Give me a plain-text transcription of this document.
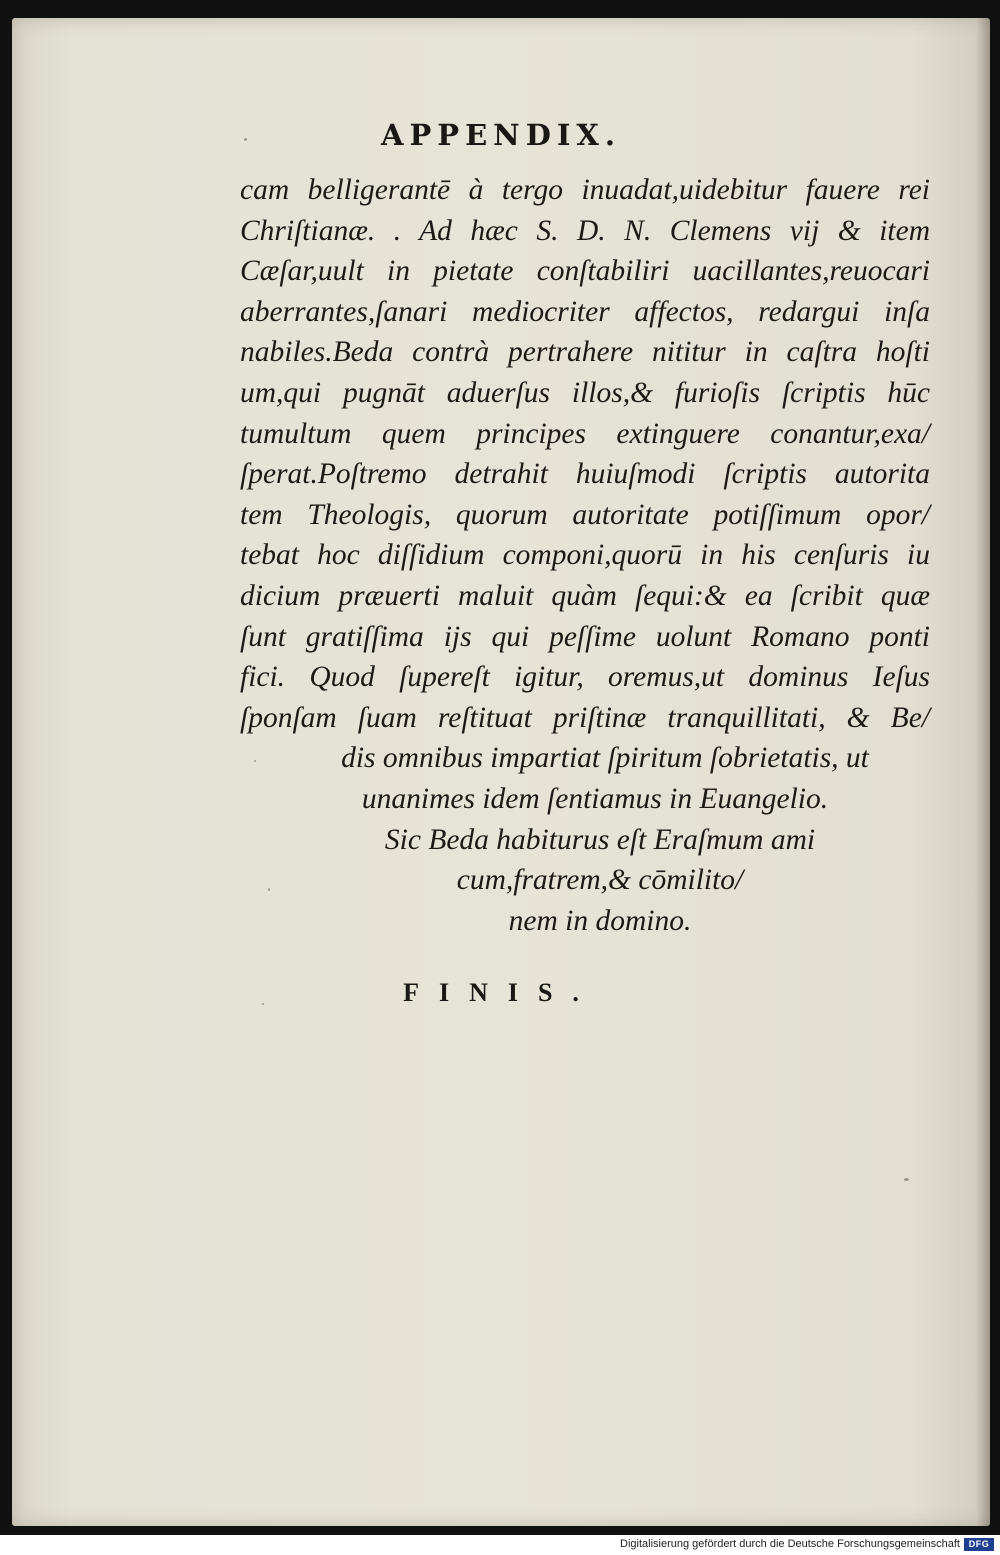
APPENDIX.
cam belligerantē à tergo inuadat,uidebitur fauere rei
Chriſtianæ. . Ad hæc S. D. N. Clemens vij & item
Cæſar,uult in pietate conſtabiliri uacillantes,reuocari
aberrantes,ſanari mediocriter affectos, redargui inſa
nabiles.Beda contrà pertrahere nititur in caſtra hoſti
um,qui pugnāt aduerſus illos,& furioſis ſcriptis hūc
tumultum quem principes extinguere conantur,exa/
ſperat.Poſtremo detrahit huiuſmodi ſcriptis autorita
tem Theologis, quorum autoritate potiſſimum opor/
tebat hoc diſſidium componi,quorū in his cenſuris iu
dicium præuerti maluit quàm ſequi:& ea ſcribit quæ
ſunt gratiſſima ijs qui peſſime uolunt Romano ponti
fici. Quod ſupereſt igitur, oremus,ut dominus Ieſus
ſponſam ſuam reſtituat priſtinæ tranquillitati, & Be/
dis omnibus impartiat ſpiritum ſobrietatis, ut
unanimes idem ſentiamus in Euangelio.
Sic Beda habiturus eſt Eraſmum ami
cum,fratrem,& cōmilito/
nem in domino.
FINIS.
Digitalisierung gefördert durch die Deutsche Forschungsgemeinschaft DFG
